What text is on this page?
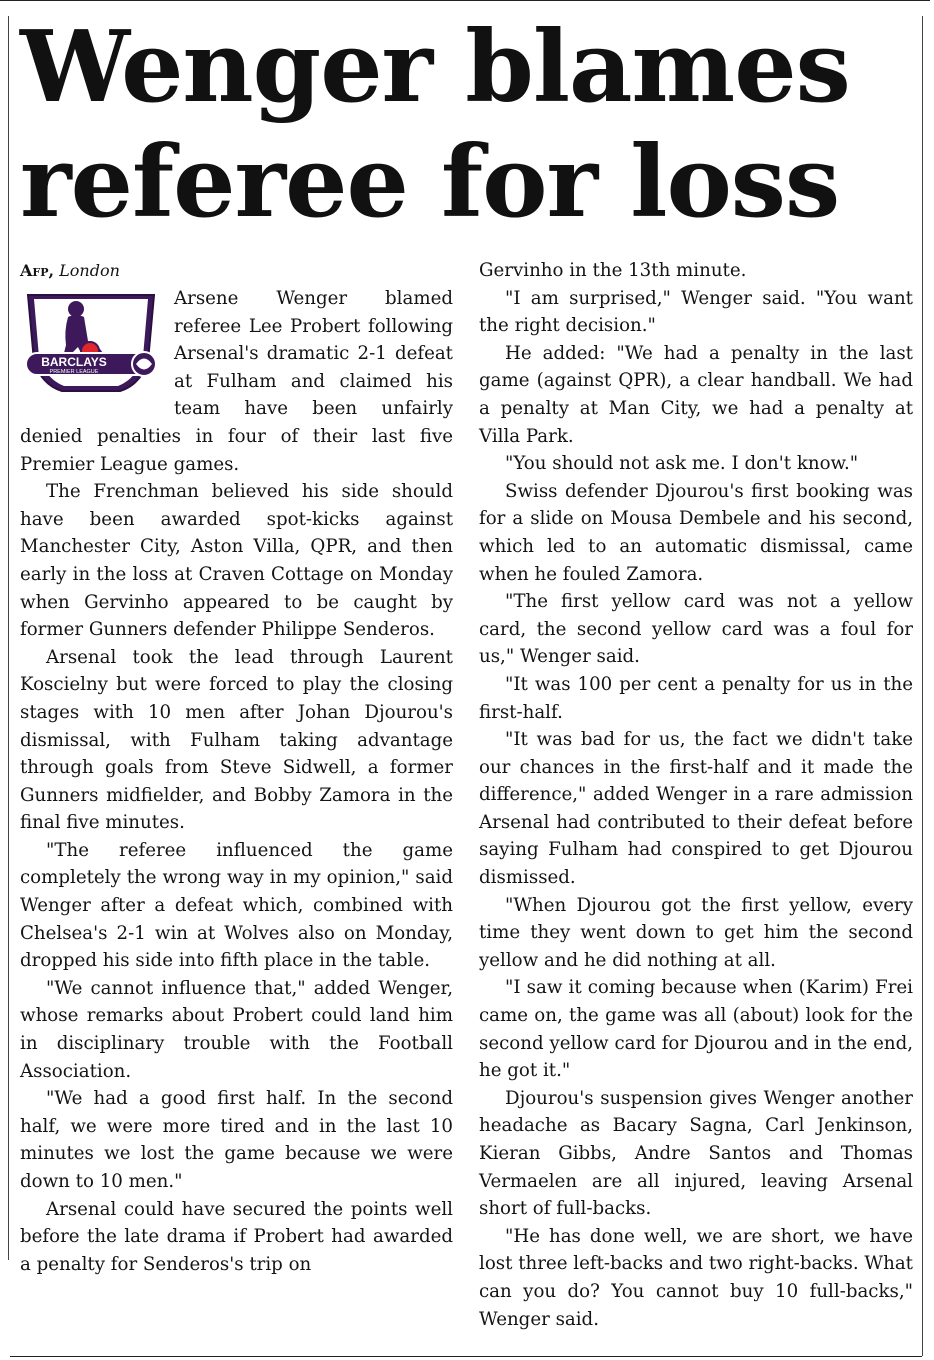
Wenger blames referee for loss

Afp, London

BARCLAYS
PREMIER LEAGUE

Arsene Wenger blamed referee Lee Probert following Arsenal's dramatic 2-1 defeat at Fulham and claimed his team have been unfairly denied penalties in four of their last five Premier League games.

The Frenchman believed his side should have been awarded spot-kicks against Manchester City, Aston Villa, QPR, and then early in the loss at Craven Cottage on Monday when Gervinho appeared to be caught by former Gunners defender Philippe Senderos.

Arsenal took the lead through Laurent Koscielny but were forced to play the closing stages with 10 men after Johan Djourou's dismissal, with Fulham taking advantage through goals from Steve Sidwell, a former Gunners midfielder, and Bobby Zamora in the final five minutes.

"The referee influenced the game completely the wrong way in my opinion," said Wenger after a defeat which, combined with Chelsea's 2-1 win at Wolves also on Monday, dropped his side into fifth place in the table.

"We cannot influence that," added Wenger, whose remarks about Probert could land him in disciplinary trouble with the Football Association.

"We had a good first half. In the second half, we were more tired and in the last 10 minutes we lost the game because we were down to 10 men."

Arsenal could have secured the points well before the late drama if Probert had awarded a penalty for Senderos's trip on

Gervinho in the 13th minute.

"I am surprised," Wenger said. "You want the right decision."

He added: "We had a penalty in the last game (against QPR), a clear handball. We had a penalty at Man City, we had a penalty at Villa Park.

"You should not ask me. I don't know."

Swiss defender Djourou's first booking was for a slide on Mousa Dembele and his second, which led to an automatic dismissal, came when he fouled Zamora.

"The first yellow card was not a yellow card, the second yellow card was a foul for us," Wenger said.

"It was 100 per cent a penalty for us in the first-half.

"It was bad for us, the fact we didn't take our chances in the first-half and it made the difference," added Wenger in a rare admission Arsenal had contributed to their defeat before saying Fulham had conspired to get Djourou dismissed.

"When Djourou got the first yellow, every time they went down to get him the second yellow and he did nothing at all.

"I saw it coming because when (Karim) Frei came on, the game was all (about) look for the second yellow card for Djourou and in the end, he got it."

Djourou's suspension gives Wenger another headache as Bacary Sagna, Carl Jenkinson, Kieran Gibbs, Andre Santos and Thomas Vermaelen are all injured, leaving Arsenal short of full-backs.

"He has done well, we are short, we have lost three left-backs and two right-backs. What can you do? You cannot buy 10 full-backs," Wenger said.
